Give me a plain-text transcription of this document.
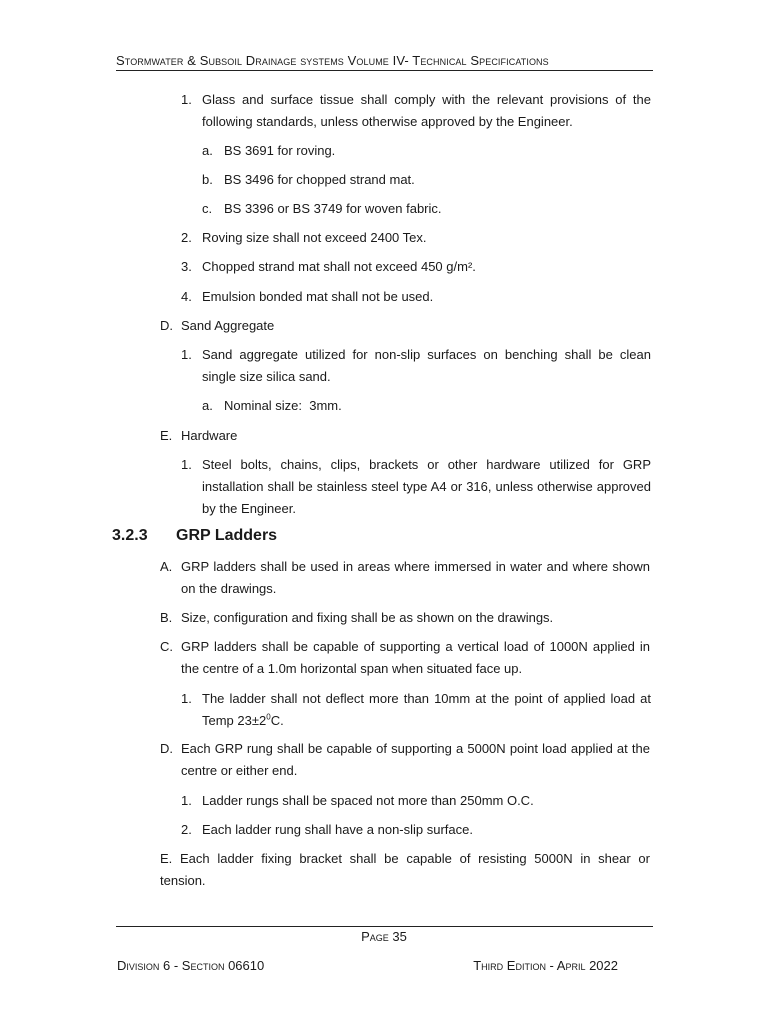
Stormwater & Subsoil Drainage systems Volume IV- Technical Specifications
1. Glass and surface tissue shall comply with the relevant provisions of the
following standards, unless otherwise approved by the Engineer.
a. BS 3691 for roving.
b. BS 3496 for chopped strand mat.
c. BS 3396 or BS 3749 for woven fabric.
2. Roving size shall not exceed 2400 Tex.
3. Chopped strand mat shall not exceed 450 g/m².
4. Emulsion bonded mat shall not be used.
D. Sand Aggregate
1. Sand aggregate utilized for non-slip surfaces on benching shall be clean
single size silica sand.
a. Nominal size:  3mm.
E. Hardware
1. Steel bolts, chains, clips, brackets or other hardware utilized for GRP
installation shall be stainless steel type A4 or 316, unless otherwise approved
by the Engineer.
3.2.3 GRP Ladders
A. GRP ladders shall be used in areas where immersed in water and where shown
on the drawings.
B. Size, configuration and fixing shall be as shown on the drawings.
C. GRP ladders shall be capable of supporting a vertical load of 1000N applied in
the centre of a 1.0m horizontal span when situated face up.
1. The ladder shall not deflect more than 10mm at the point of applied load at
Temp $23\pm 2^0C$.
D. Each GRP rung shall be capable of supporting a 5000N point load applied at the
centre or either end.
1. Ladder rungs shall be spaced not more than 250mm O.C.
2. Each ladder rung shall have a non-slip surface.
E. Each ladder fixing bracket shall be capable of resisting 5000N in shear or
tension.
Page 35
Division 6 - Section 06610	Third Edition - April 2022
